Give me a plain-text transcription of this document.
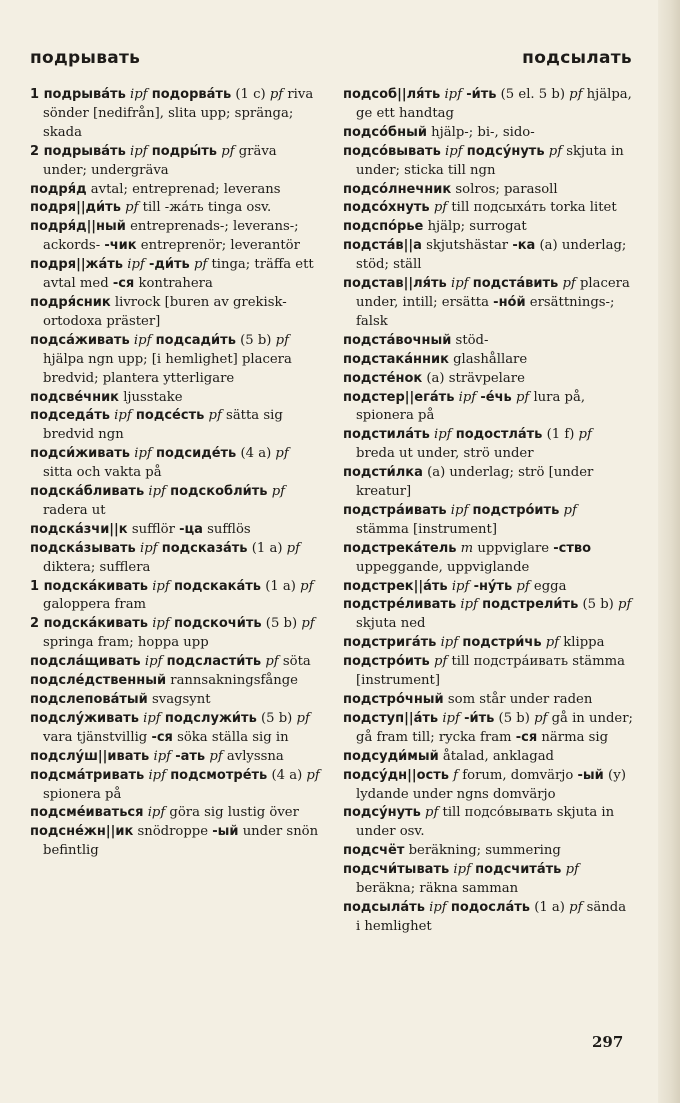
подрывать	подсылать

1 подрыва́ть ipf подорва́ть (1 c) pf riva sönder [nedifrån], slita upp; spränga; skada

2 подрыва́ть ipf подры́ть pf gräva under; undergräva

подря́д avtal; entreprenad; leverans

подря||ди́ть pf till -жа́ть tinga osv.

подря́д||ный entreprenads-; leverans-; ackords- -чик entreprenör; leverantör

подря||жа́ть ipf -ди́ть pf tinga; träffa ett avtal med -ся kontrahera

подря́сник livrock [buren av grekisk-ortodoxa präster]

подса́живать ipf подсади́ть (5 b) pf hjälpa ngn upp; [i hemlighet] placera bredvid; plantera ytterligare

подсве́чник ljusstake

подседа́ть ipf подсе́сть pf sätta sig bredvid ngn

подси́живать ipf подсиде́ть (4 a) pf sitta och vakta på

подска́бливать ipf подскобли́ть pf radera ut

подска́зчи||к sufflör -ца sufflös

подска́зывать ipf подсказа́ть (1 a) pf diktera; sufflera

1 подска́кивать ipf подскака́ть (1 a) pf galoppera fram

2 подска́кивать ipf подскочи́ть (5 b) pf springa fram; hoppa upp

подсла́щивать ipf подсласти́ть pf söta

подсле́дственный rannsakningsfånge

подслепова́тый svagsynt

подслу́живать ipf подслужи́ть (5 b) pf vara tjänstvillig -ся söka ställa sig in

подслу́ш||ивать ipf -ать pf avlyssna

подсма́тривать ipf подсмотре́ть (4 a) pf spionera på

подсме́иваться ipf göra sig lustig över

подсне́жн||ик snödroppe -ый under snön befintlig

подсоб||ля́ть ipf -и́ть (5 el. 5 b) pf hjälpa, ge ett handtag

подсо́бный hjälp-; bi-, sido-

подсо́вывать ipf подсу́нуть pf skjuta in under; sticka till ngn

подсо́лнечник solros; parasoll

подсо́хнуть pf till подсыха́ть torka litet

подспо́рье hjälp; surrogat

подста́в||а skjutshästar -ка (a) underlag; stöd; ställ

подстав||ля́ть ipf подста́вить pf placera under, intill; ersätta -но́й ersättnings-; falsk

подста́вочный stöd-

подстака́нник glashållare

подсте́нок (a) strävpelare

подстер||ега́ть ipf -е́чь pf lura på, spionera på

подстила́ть ipf подостла́ть (1 f) pf breda ut under, strö under

подсти́лка (a) underlag; strö [under kreatur]

подстра́ивать ipf подстро́ить pf stämma [instrument]

подстрека́тель m uppviglare -ство uppeggande, uppviglande

подстрек||а́ть ipf -ну́ть pf egga

подстре́ливать ipf подстрели́ть (5 b) pf skjuta ned

подстрига́ть ipf подстри́чь pf klippa

подстро́ить pf till подстра́ивать stämma [instrument]

подстро́чный som står under raden

подступ||а́ть ipf -и́ть (5 b) pf gå in under; gå fram till; rycka fram -ся närma sig

подсуди́мый åtalad, anklagad

подсу́дн||ость f forum, domvärjo -ый (у) lydande under ngns domvärjo

подсу́нуть pf till подсо́вывать skjuta in under osv.

подсчёт beräkning; summering

подсчи́тывать ipf подсчита́ть pf beräkna; räkna samman

подсыла́ть ipf подосла́ть (1 a) pf sända i hemlighet

297
